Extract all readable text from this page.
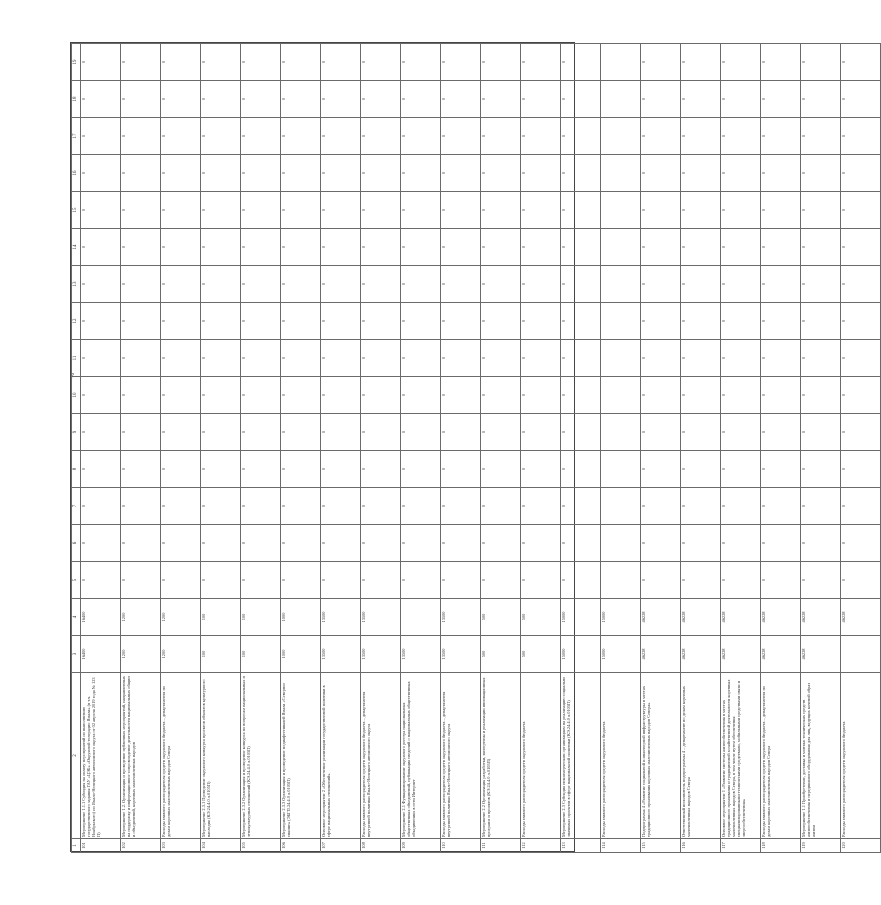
7
1	2	3	4	5	6	7	8	9	10	11	12	13	14	15	16	17	18	19
101	Мероприятие 1.1.1 Субсидия на оплату мероприятий по выполнению государственного задания ГАУ «ЦЭБ» «Окружной телерадио Ямала» (в т.ч. Ноябрьского) по Ямало-Ненецкого автономного округа от 02 апреля 2019 года № 123 П)	16400	16400	0	0	0	0	0	0	0	0	0	0	0	0	0	0	0
102	Мероприятие 1.2. Организация и проведение публичных мероприятий, направленных на поддержку и информационное сопровождение деятельности национальных общин и объединений, коренных малочисленных народов	1200	1200	0	0	0	0	0	0	0	0	0	0	0	0	0	0	0
103	Расходы главного распорядителя средств окружного бюджета – департамента по делам коренных малочисленных народов Севера	1200	1200	0	0	0	0	0	0	0	0	0	0	0	0	0	0	0
104	Мероприятие 2.3.1 Проведение окружного конкурса проектов объектов культурного наследия (KЭ.24.4.0 л.0105П)	100	100	0	0	0	0	0	0	0	0	0	0	0	0	0	0	0
105	Мероприятие 2.3.2 Организация и проведение конкурса по вопросам национальных и этнокультурных отношений (KЭ.24.4.0 л.0105П)	100	100	0	0	0	0	0	0	0	0	0	0	0	0	0	0	0
106	Мероприятие 2.3.3 Организация и проведение медиафестивалей Ямала «Северное сияние» (ЭБГП.24.4.0 л.0105П)	1000	1000	0	0	0	0	0	0	0	0	0	0	0	0	0	0	0
107	Основное мероприятие 2 «Обеспечение реализации государственной политики в сфере национальных отношений»	13500	13500	0	0	0	0	0	0	0	0	0	0	0	0	0	0	0
108	Расходы главного распорядителя средств окружного бюджета – департамента внутренней политики Ямало-Ненецкого автономного округа	13500	13500	0	0	0	0	0	0	0	0	0	0	0	0	0	0	0
109	Мероприятие 2.1 Функционирование окружного реестра национальных общественных объединений, публикация сведений о национальных общественных объединениях в сети Интернет	13500		0	0	0	0	0	0	0	0	0	0	0	0	0	0	0
110	Расходы главного распорядителя средств окружного бюджета – департамента внутренней политики Ямало-Ненецкого автономного округа	13500	13500	0	0	0	0	0	0	0	0	0	0	0	0	0	0	0
111	Мероприятие 2.2 Организация разработки, экспертизы и реализации инновационных программ и проектов (KЭ.24.4.0 л.0105П)	500	500	0	0	0	0	0	0	0	0	0	0	0	0	0	0	0
112	Расходы главного распорядителя средств окружного бюджета	500	500	0	0	0	0	0	0	0	0	0	0	0	0	0	0	0
113	Мероприятие 2.3 Субсидия некоммерческим организациям на реализацию социально значимых проектов в сфере национальной политики (KЭ.24.4.0 л.0105П)	15000	15000	0	0	0	0	0	0	0	0	0	0	0	0	0	0	0
114	Расходы главного распорядителя средств окружного бюджета	15000	15000															
115	Подпрограмма 4 «Развитие социальной и инженерной инфраструктуры в местах традиционного проживания коренных малочисленных народов Севера»	46228	46228	0	0	0	0	0	0	0	0	0	0	0	0	0	0	0
116	Ответственный исполнитель подпрограммы 4 – департамент по делам коренных малочисленных народов Севера	46228	46228	0	0	0	0	0	0	0	0	0	0	0	0	0	0	0
117	Основное мероприятие 1 «Развитие системы жизнеобеспечения в местах традиционного проживания и традиционной хозяйственной деятельности коренных малочисленных народов Севера, в том числе путем обеспечения специализированными техническими средствами, мобильными средствами связи и энергообеспечения»	46228	46228	0	0	0	0	0	0	0	0	0	0	0	0	0	0	0
118	Расходы главного распорядителя средств окружного бюджета – департамента по делам коренных малочисленных народов Севера	46228	46228	0	0	0	0	0	0	0	0	0	0	0	0	0	0	0
119	Мероприятие 1.1 Приобретение, доставка и монтаж технических средств жизнеобеспечения и передвижного оборудования для лиц, ведущих кочевой образ жизни	46228	46228	0	0	0	0	0	0	0	0	0	0	0	0	0	0	0
120	Расходы главного распорядителя средств окружного бюджета		46228	0	0	0	0	0	0	0	0	0	0	0	0	0	0	0
